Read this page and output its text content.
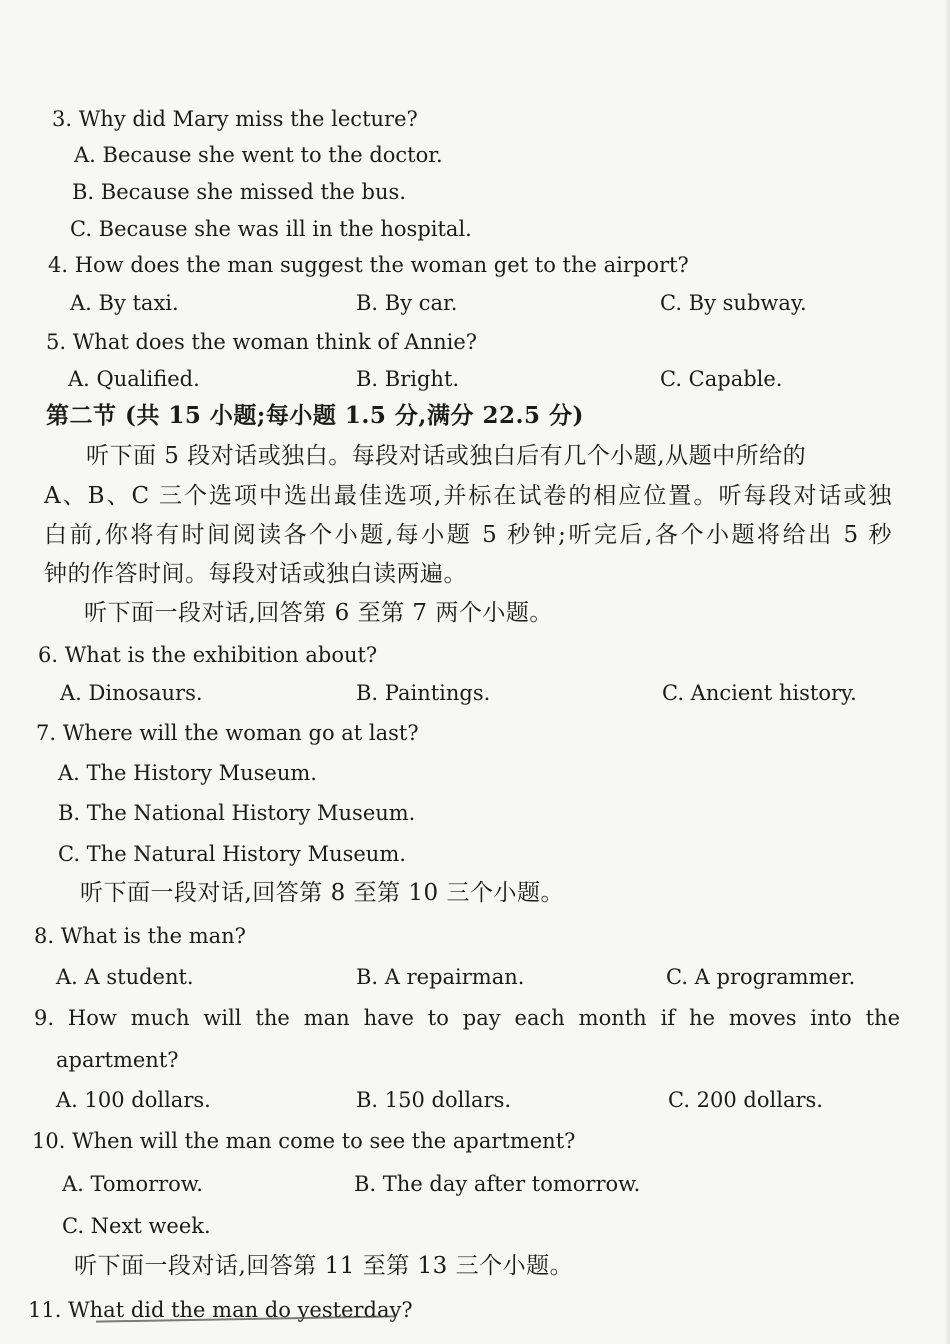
3. Why did Mary miss the lecture?
A. Because she went to the doctor.
B. Because she missed the bus.
C. Because she was ill in the hospital.
4. How does the man suggest the woman get to the airport?
A. By taxi.	B. By car.	C. By subway.
5. What does the woman think of Annie?
A. Qualified.	B. Bright.	C. Capable.
第二节 (共 15 小题;每小题 1.5 分,满分 22.5 分)
听下面 5 段对话或独白。每段对话或独白后有几个小题,从题中所给的
A、B、C 三个选项中选出最佳选项,并标在试卷的相应位置。听每段对话或独
白前,你将有时间阅读各个小题,每小题 5 秒钟;听完后,各个小题将给出 5 秒
钟的作答时间。每段对话或独白读两遍。
听下面一段对话,回答第 6 至第 7 两个小题。
6. What is the exhibition about?
A. Dinosaurs.	B. Paintings.	C. Ancient history.
7. Where will the woman go at last?
A. The History Museum.
B. The National History Museum.
C. The Natural History Museum.
听下面一段对话,回答第 8 至第 10 三个小题。
8. What is the man?
A. A student.	B. A repairman.	C. A programmer.
9. How much will the man have to pay each month if he moves into the
apartment?
A. 100 dollars.	B. 150 dollars.	C. 200 dollars.
10. When will the man come to see the apartment?
A. Tomorrow.	B. The day after tomorrow.
C. Next week.
听下面一段对话,回答第 11 至第 13 三个小题。
11. What did the man do yesterday?
